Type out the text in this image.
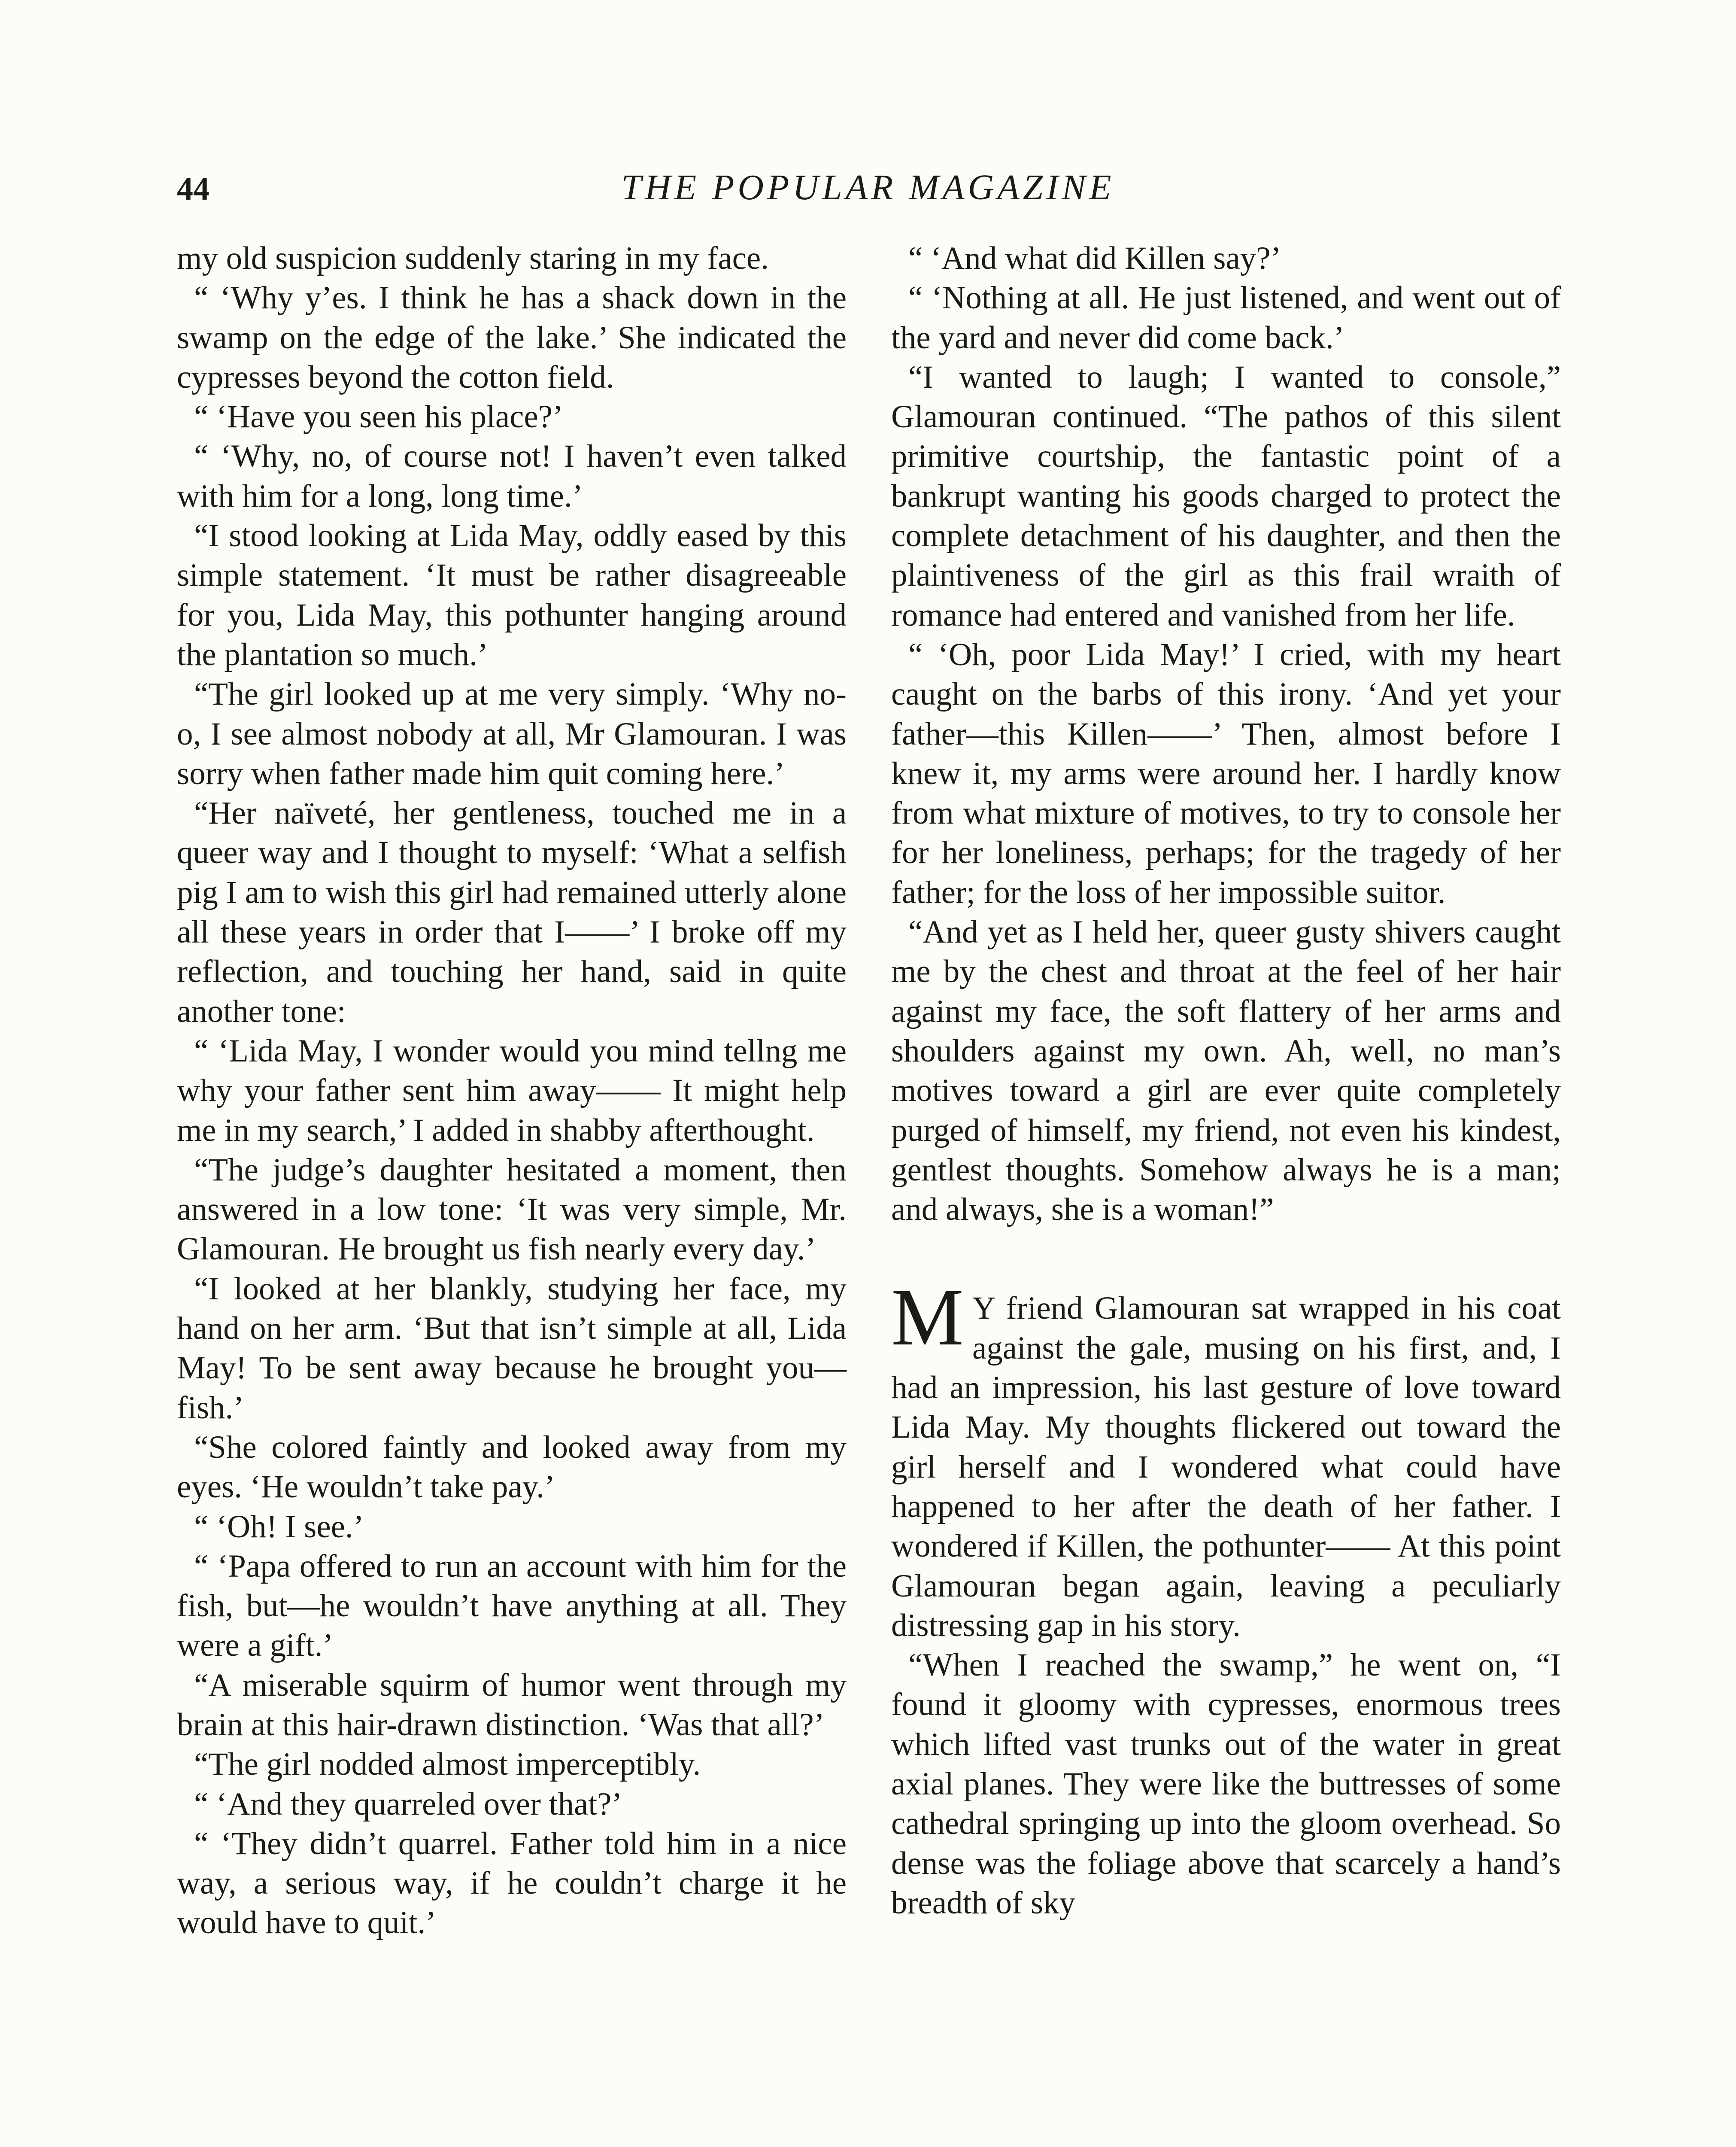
44	THE POPULAR MAGAZINE

my old suspicion suddenly staring in my face.

“ ‘Why y’es. I think he has a shack down in the swamp on the edge of the lake.’ She indicated the cypresses beyond the cotton field.

“ ‘Have you seen his place?’

“ ‘Why, no, of course not! I haven’t even talked with him for a long, long time.’

“I stood looking at Lida May, oddly eased by this simple statement. ‘It must be rather disagreeable for you, Lida May, this pothunter hanging around the plantation so much.’

“The girl looked up at me very simply. ‘Why no-o, I see almost nobody at all, Mr Glamouran. I was sorry when father made him quit coming here.’

“Her naïveté, her gentleness, touched me in a queer way and I thought to myself: ‘What a selfish pig I am to wish this girl had remained utterly alone all these years in order that I——’ I broke off my reflection, and touching her hand, said in quite another tone:

“ ‘Lida May, I wonder would you mind tellng me why your father sent him away—— It might help me in my search,’ I added in shabby afterthought.

“The judge’s daughter hesitated a moment, then answered in a low tone: ‘It was very simple, Mr. Glamouran. He brought us fish nearly every day.’

“I looked at her blankly, studying her face, my hand on her arm. ‘But that isn’t simple at all, Lida May! To be sent away because he brought you—fish.’

“She colored faintly and looked away from my eyes. ‘He wouldn’t take pay.’

“ ‘Oh! I see.’

“ ‘Papa offered to run an account with him for the fish, but—he wouldn’t have anything at all. They were a gift.’

“A miserable squirm of humor went through my brain at this hair-drawn distinction. ‘Was that all?’

“The girl nodded almost imperceptibly.

“ ‘And they quarreled over that?’

“ ‘They didn’t quarrel. Father told him in a nice way, a serious way, if he couldn’t charge it he would have to quit.’

“ ‘And what did Killen say?’

“ ‘Nothing at all. He just listened, and went out of the yard and never did come back.’

“I wanted to laugh; I wanted to console,” Glamouran continued. “The pathos of this silent primitive courtship, the fantastic point of a bankrupt wanting his goods charged to protect the complete detachment of his daughter, and then the plaintiveness of the girl as this frail wraith of romance had entered and vanished from her life.

“ ‘Oh, poor Lida May!’ I cried, with my heart caught on the barbs of this irony. ‘And yet your father—this Killen——’ Then, almost before I knew it, my arms were around her. I hardly know from what mixture of motives, to try to console her for her loneliness, perhaps; for the tragedy of her father; for the loss of her impossible suitor.

“And yet as I held her, queer gusty shivers caught me by the chest and throat at the feel of her hair against my face, the soft flattery of her arms and shoulders against my own. Ah, well, no man’s motives toward a girl are ever quite completely purged of himself, my friend, not even his kindest, gentlest thoughts. Somehow always he is a man; and always, she is a woman!”

M Y friend Glamouran sat wrapped in his coat against the gale, musing on his first, and, I had an impression, his last gesture of love toward Lida May. My thoughts flickered out toward the girl herself and I wondered what could have happened to her after the death of her father. I wondered if Killen, the pothunter—— At this point Glamouran began again, leaving a peculiarly distressing gap in his story.

“When I reached the swamp,” he went on, “I found it gloomy with cypresses, enormous trees which lifted vast trunks out of the water in great axial planes. They were like the buttresses of some cathedral springing up into the gloom overhead. So dense was the foliage above that scarcely a hand’s breadth of sky
